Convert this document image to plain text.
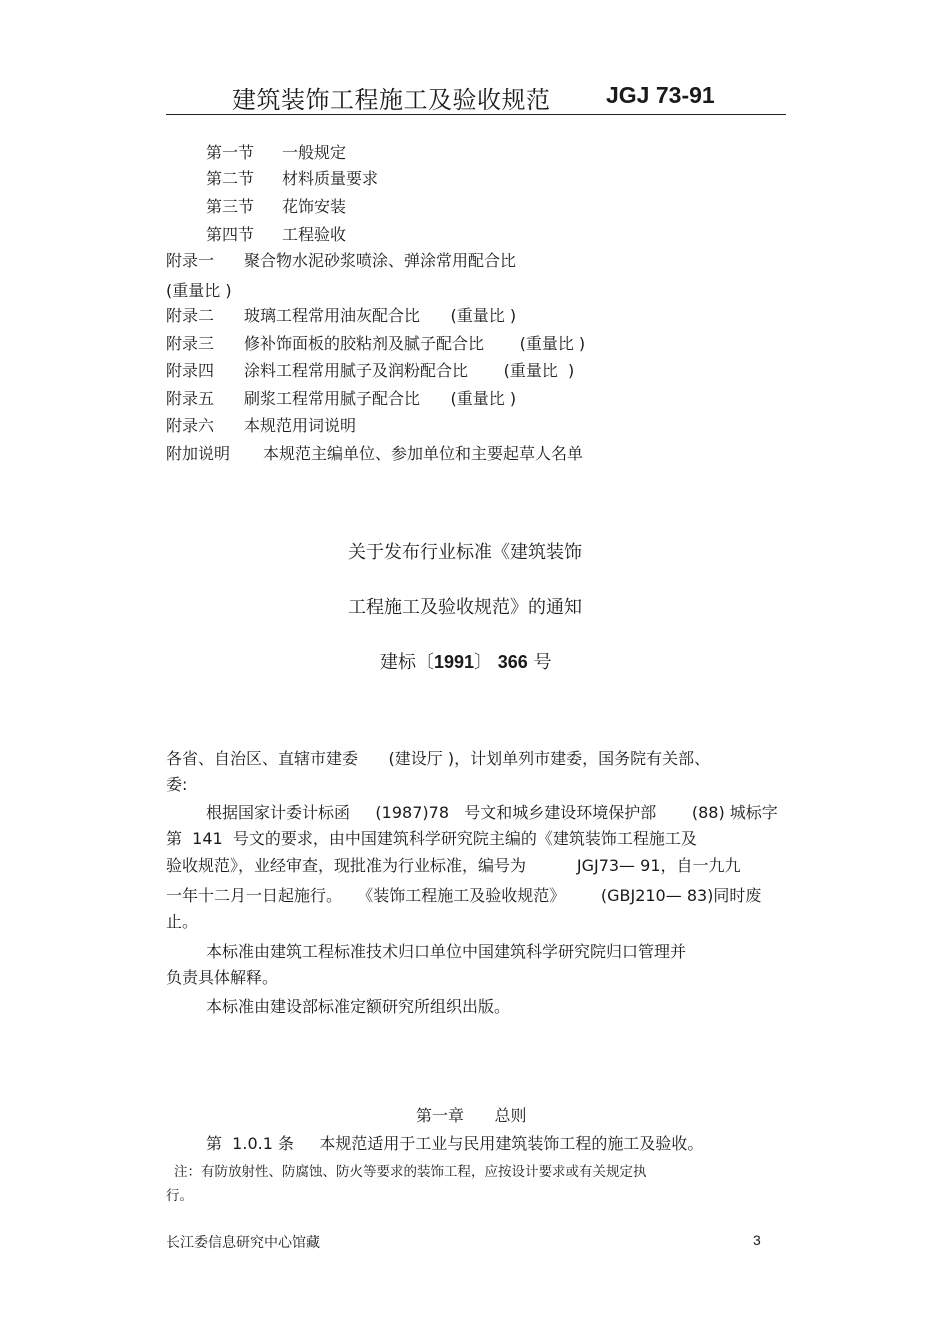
建筑装饰工程施工及验收规范 JGJ 73-91
第一节 一般规定
第二节 材料质量要求
第三节 花饰安装
第四节 工程验收
附录一 聚合物水泥砂浆喷涂、弹涂常用配合比
(重量比 )
附录二 玻璃工程常用油灰配合比      (重量比 )
附录三 修补饰面板的胶粘剂及腻子配合比       (重量比 )
附录四 涂料工程常用腻子及润粉配合比       (重量比  )
附录五 刷浆工程常用腻子配合比      (重量比 )
附录六 本规范用词说明
附加说明 本规范主编单位、参加单位和主要起草人名单
关于发布行业标准《建筑装饰
工程施工及验收规范》的通知
建标〔1991〕 366 号
各省、自治区、直辖市建委      (建设厅 )，计划单列市建委，国务院有关部、
委:
根据国家计委计标函     (1987)78   号文和城乡建设环境保护部       (88) 城标字
第  141  号文的要求，由中国建筑科学研究院主编的《建筑装饰工程施工及
验收规范》，业经审查，现批准为行业标准，编号为          JGJ73— 91，自一九九
一年十二月一日起施行。   《装饰工程施工及验收规范》       (GBJ210— 83)同时废
止。
本标准由建筑工程标准技术归口单位中国建筑科学研究院归口管理并
负责具体解释。
本标准由建设部标准定额研究所组织出版。
第一章      总则
第  1.0.1 条     本规范适用于工业与民用建筑装饰工程的施工及验收。
注：有防放射性、防腐蚀、防火等要求的装饰工程，应按设计要求或有关规定执
行。
长江委信息研究中心馆藏	3
